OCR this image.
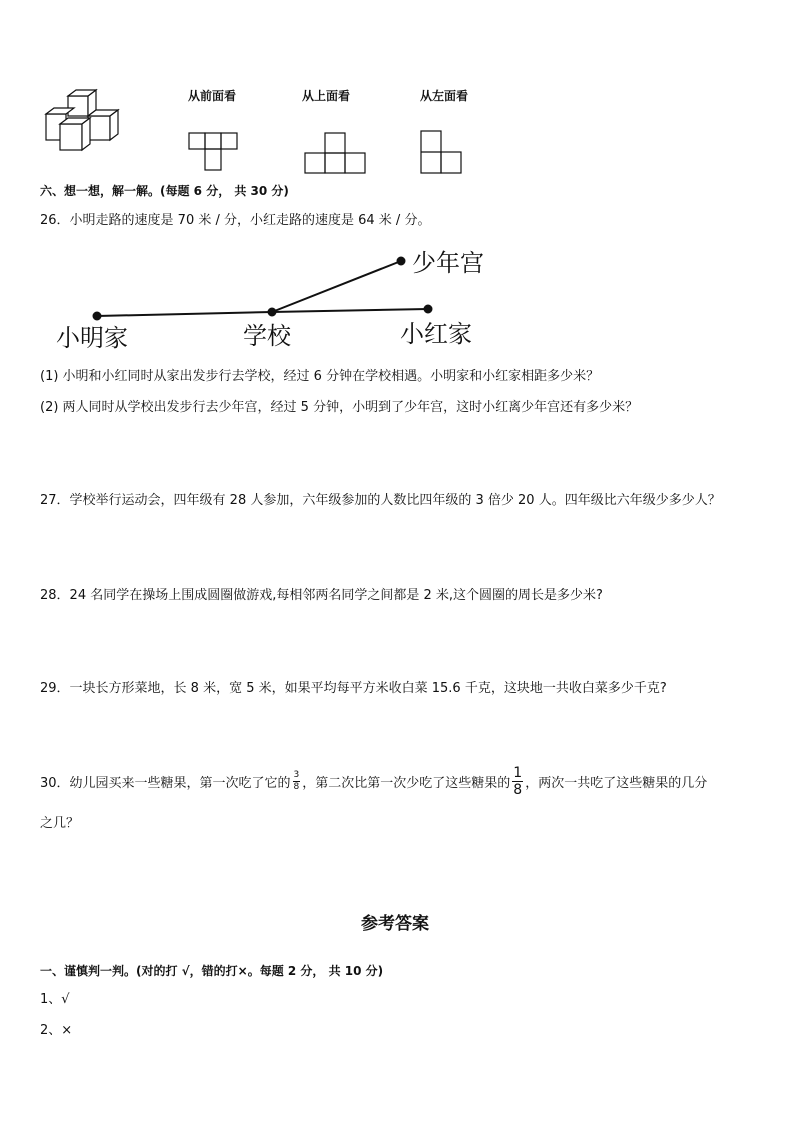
从前面看	从上面看	从左面看
六、想一想，解一解。(每题 6 分， 共 30 分)
26．小明走路的速度是 70 米 / 分，小红走路的速度是 64 米 / 分。
小明家	学校	小红家
少年宫
(1) 小明和小红同时从家出发步行去学校，经过 6 分钟在学校相遇。小明家和小红家相距多少米？
(2) 两人同时从学校出发步行去少年宫，经过 5 分钟，小明到了少年宫，这时小红离少年宫还有多少米？
27．学校举行运动会，四年级有 28 人参加，六年级参加的人数比四年级的 3 倍少 20 人。四年级比六年级少多少人？
28．24 名同学在操场上围成圆圈做游戏,每相邻两名同学之间都是 2 米,这个圆圈的周长是多少米?
29．一块长方形菜地，长 8 米，宽 5 米，如果平均每平方米收白菜 15.6 千克，这块地一共收白菜多少千克?
30．幼儿园买来一些糖果，第一次吃了它的 $\frac{3}{8}$ ，第二次比第一次少吃了这些糖果的 $\frac{1}{8}$ ，两次一共吃了这些糖果的几分
之几？
参考答案
一、谨慎判一判。(对的打 √，错的打×。每题 2 分， 共 10 分)
1、√
2、×
